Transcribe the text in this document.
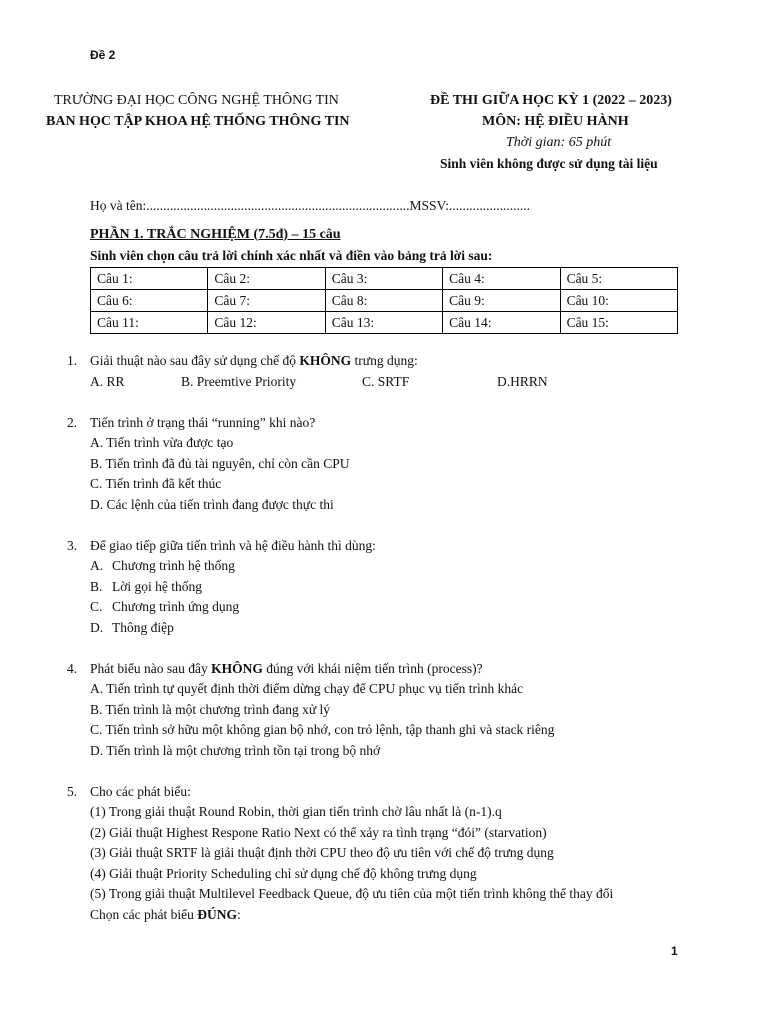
Đề 2
TRƯỜNG ĐẠI HỌC CÔNG NGHỆ THÔNG TIN
BAN HỌC TẬP KHOA HỆ THỐNG THÔNG TIN
ĐỀ THI GIỮA HỌC KỲ 1 (2022 – 2023)
MÔN: HỆ ĐIỀU HÀNH
Thời gian: 65 phút
Sinh viên không được sử dụng tài liệu
Họ và tên:..............................................................................MSSV:........................
PHẦN 1. TRẮC NGHIỆM (7.5đ) – 15 câu
Sinh viên chọn câu trả lời chính xác nhất và điền vào bảng trả lời sau:
Câu 1:	Câu 2:	Câu 3:	Câu 4:	Câu 5:
Câu 6:	Câu 7:	Câu 8:	Câu 9:	Câu 10:
Câu 11:	Câu 12:	Câu 13:	Câu 14:	Câu 15:
1. Giải thuật nào sau đây sử dụng chế độ KHÔNG trưng dụng:
A. RR	B. Preemtive Priority	C. SRTF	D.HRRN
2. Tiến trình ở trạng thái “running” khi nào?
A. Tiến trình vừa được tạo
B. Tiến trình đã đủ tài nguyên, chỉ còn cần CPU
C. Tiến trình đã kết thúc
D. Các lệnh của tiến trình đang được thực thi
3. Để giao tiếp giữa tiến trình và hệ điều hành thì dùng:
A. Chương trình hệ thống
B. Lời gọi hệ thống
C. Chương trình ứng dụng
D. Thông điệp
4. Phát biểu nào sau đây KHÔNG đúng với khái niệm tiến trình (process)?
A. Tiến trình tự quyết định thời điểm dừng chạy để CPU phục vụ tiến trình khác
B. Tiến trình là một chương trình đang xử lý
C. Tiến trình sở hữu một không gian bộ nhớ, con trỏ lệnh, tập thanh ghi và stack riêng
D. Tiến trình là một chương trình tồn tại trong bộ nhớ
5. Cho các phát biểu:
(1) Trong giải thuật Round Robin, thời gian tiến trình chờ lâu nhất là (n-1).q
(2) Giải thuật Highest Respone Ratio Next có thể xảy ra tình trạng “đói” (starvation)
(3) Giải thuật SRTF là giải thuật định thời CPU theo độ ưu tiên với chế độ trưng dụng
(4) Giải thuật Priority Scheduling chỉ sử dụng chế độ không trưng dụng
(5) Trong giải thuật Multilevel Feedback Queue, độ ưu tiên của một tiến trình không thể thay đổi
Chọn các phát biểu ĐÚNG:
1
